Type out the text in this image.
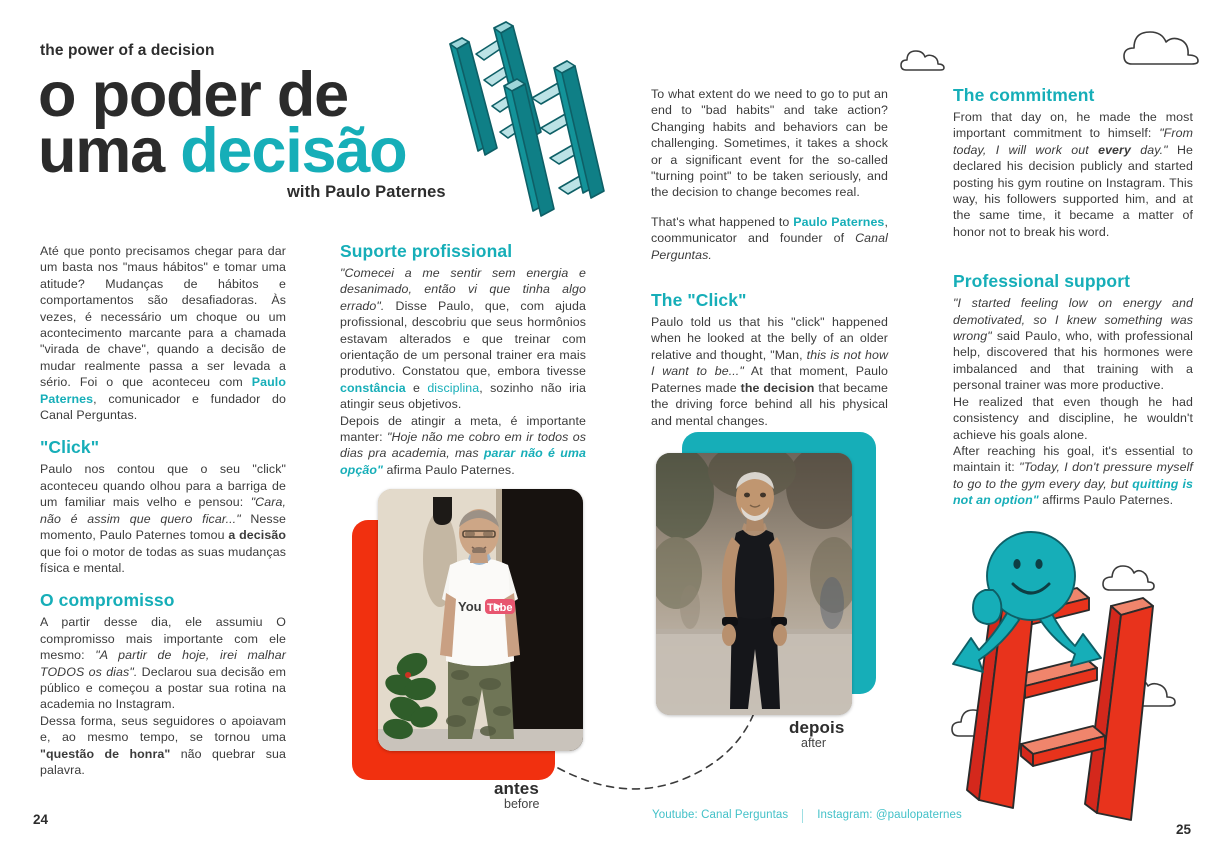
the power of a decision
o poder de
uma decisão
with Paulo Paternes

Até que ponto precisamos chegar para dar um basta nos "maus hábitos" e tomar uma atitude? Mudanças de hábitos e comportamentos são desafiadoras. Às vezes, é necessário um choque ou um acontecimento marcante para a chamada "virada de chave", quando a decisão de mudar realmente passa a ser levada a sério. Foi o que aconteceu com Paulo Paternes, comunicador e fundador do Canal Perguntas.

"Click"

Paulo nos contou que o seu "click" aconteceu quando olhou para a barriga de um familiar mais velho e pensou: "Cara, não é assim que quero ficar..." Nesse momento, Paulo Paternes tomou a decisão que foi o motor de todas as suas mudanças física e mental.

O compromisso

A partir desse dia, ele assumiu O compromisso mais importante com ele mesmo: "A partir de hoje, irei malhar TODOS os dias". Declarou sua decisão em público e começou a postar sua rotina na academia no Instagram.

Dessa forma, seus seguidores o apoiavam e, ao mesmo tempo, se tornou uma "questão de honra" não quebrar sua palavra.

Suporte profissional

"Comecei a me sentir sem energia e desanimado, então vi que tinha algo errado". Disse Paulo, que, com ajuda profissional, descobriu que seus hormônios estavam alterados e que treinar com orientação de um personal trainer era mais produtivo. Constatou que, embora tivesse constância e disciplina, sozinho não iria atingir seus objetivos.

Depois de atingir a meta, é importante manter: "Hoje não me cobro em ir todos os dias pra academia, mas parar não é uma opção" afirma Paulo Paternes.

To what extent do we need to go to put an end to "bad habits" and take action? Changing habits and behaviors can be challenging. Sometimes, it takes a shock or a significant event for the so-called "turning point" to be taken seriously, and the decision to change becomes real.

That's what happened to Paulo Paternes, coommunicator and founder of Canal Perguntas.

The "Click"

Paulo told us that his "click" happened when he looked at the belly of an older relative and thought, "Man, this is not how I want to be..." At that moment, Paulo Paternes made the decision that became the driving force behind all his physical and mental changes.

The commitment

From that day on, he made the most important commitment to himself: "From today, I will work out every day." He declared his decision publicly and started posting his gym routine on Instagram. This way, his followers supported him, and at the same time, it became a matter of honor not to break his word.

Professional support

"I started feeling low on energy and demotivated, so I knew something was wrong" said Paulo, who, with professional help, discovered that his hormones were imbalanced and that training with a personal trainer was more productive.

He realized that even though he had consistency and discipline, he wouldn't achieve his goals alone.

After reaching his goal, it's essential to maintain it: "Today, I don't pressure myself to go to the gym every day, but quitting is not an option" affirms Paulo Paternes.

You Tube
antes
before
depois
after
Youtube: Canal Perguntas	Instagram: @paulopaternes
24
25
